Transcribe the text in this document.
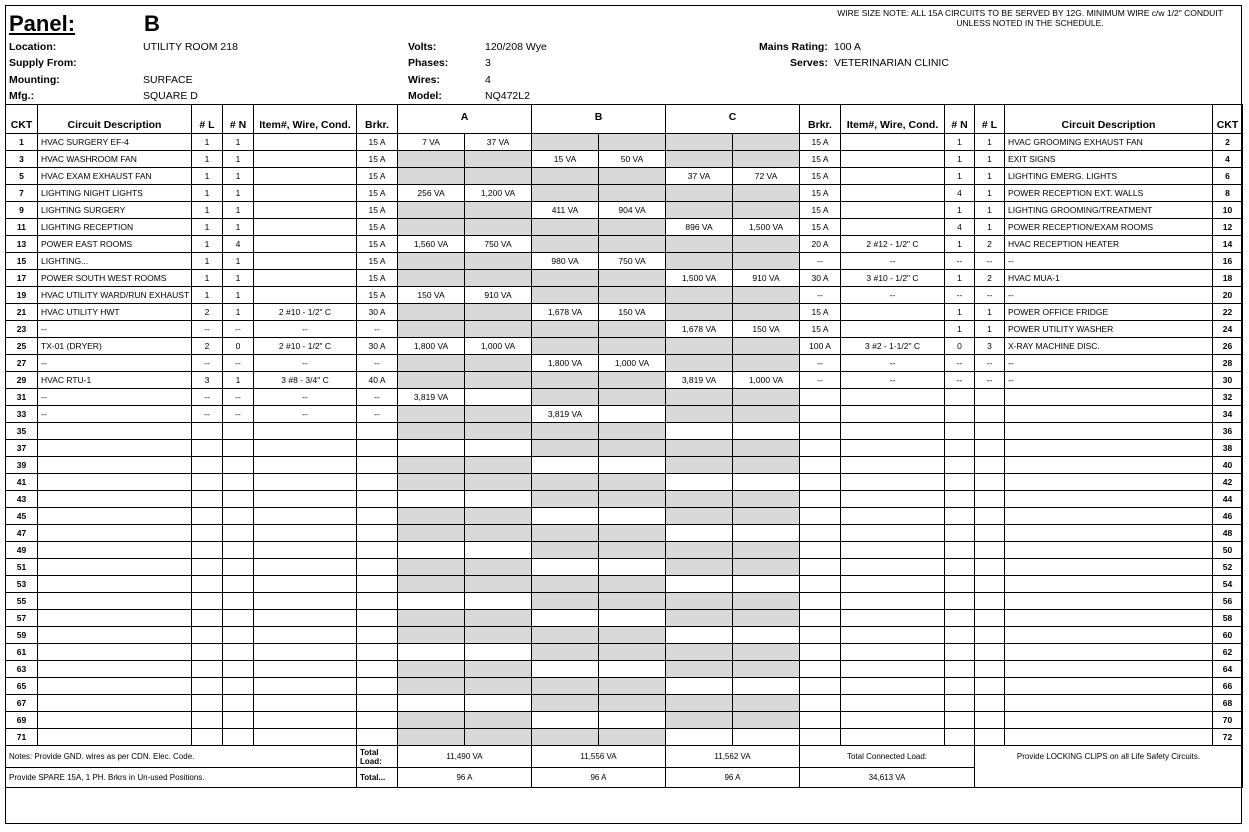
Panel:	B	WIRE SIZE NOTE: ALL 15A CIRCUITS TO BE SERVED BY 12G. MINIMUM WIRE c/w 1/2" CONDUIT
UNLESS NOTED IN THE SCHEDULE.
Location:	UTILITY ROOM 218
Supply From:
Mounting:	SURFACE
Mfg.:	SQUARE D
Volts:	120/208 Wye
Phases:	3
Wires:	4
Model:	NQ472L2
Mains Rating: 100 A
Serves: VETERINARIAN CLINIC
CKT	Circuit Description	# L	# N	Item#, Wire, Cond.	Brkr.	A		B		C		Brkr.	Item#, Wire, Cond.	# N	# L	Circuit Description	CKT
1	HVAC SURGERY EF-4	1	1		15 A	7 VA	37 VA					15 A		1	1	HVAC GROOMING EXHAUST FAN	2
3	HVAC WASHROOM FAN	1	1		15 A			15 VA	50 VA			15 A		1	1	EXIT SIGNS	4
5	HVAC EXAM EXHAUST FAN	1	1		15 A					37 VA	72 VA	15 A		1	1	LIGHTING EMERG. LIGHTS	6
7	LIGHTING NIGHT LIGHTS	1	1		15 A	256 VA	1,200 VA					15 A		4	1	POWER RECEPTION EXT. WALLS	8
9	LIGHTING SURGERY	1	1		15 A			411 VA	904 VA			15 A		1	1	LIGHTING GROOMING/TREATMENT	10
11	LIGHTING RECEPTION	1	1		15 A					896 VA	1,500 VA	15 A		4	1	POWER RECEPTION/EXAM ROOMS	12
13	POWER EAST ROOMS	1	4		15 A	1,560 VA	750 VA					20 A	2 #12 - 1/2" C	1	2	HVAC RECEPTION HEATER	14
15	LIGHTING...	1	1		15 A			980 VA	750 VA			--	--	--	--	--	16
17	POWER SOUTH WEST ROOMS	1	1		15 A					1,500 VA	910 VA	30 A	3 #10 - 1/2" C	1	2	HVAC MUA-1	18
19	HVAC UTILITY WARD/RUN EXHAUST	1	1		15 A	150 VA	910 VA					--	--	--	--	--	20
21	HVAC UTILITY HWT	2	1	2 #10 - 1/2" C	30 A			1,678 VA	150 VA			15 A		1	1	POWER OFFICE FRIDGE	22
23	--	--	--	--	--					1,678 VA	150 VA	15 A		1	1	POWER UTILITY WASHER	24
25	TX-01 (DRYER)	2	0	2 #10 - 1/2" C	30 A	1,800 VA	1,000 VA					100 A	3 #2 - 1-1/2" C	0	3	X-RAY MACHINE DISC.	26
27	--	--	--	--	--			1,800 VA	1,000 VA			--	--	--	--	--	28
29	HVAC RTU-1	3	1	3 #8 - 3/4" C	40 A					3,819 VA	1,000 VA	--	--	--	--	--	30
31	--	--	--	--	--	3,819 VA											32
33	--	--	--	--	--			3,819 VA									34
35																	36
37																	38
39																	40
41																	42
43																	44
45																	46
47																	48
49																	50
51																	52
53																	54
55																	56
57																	58
59																	60
61																	62
63																	64
65																	66
67																	68
69																	70
71																	72
Notes: Provide GND. wires as per CDN. Elec. Code.					Total Load:	11,490 VA		11,556 VA		11,562 VA		Total Connected Load:			Provide LOCKING CLIPS on all Life Safety Circuits.		
Provide SPARE 15A, 1 PH. Brkrs in Un-used Positions.					Total...	96 A		96 A		96 A		34,613 VA					
